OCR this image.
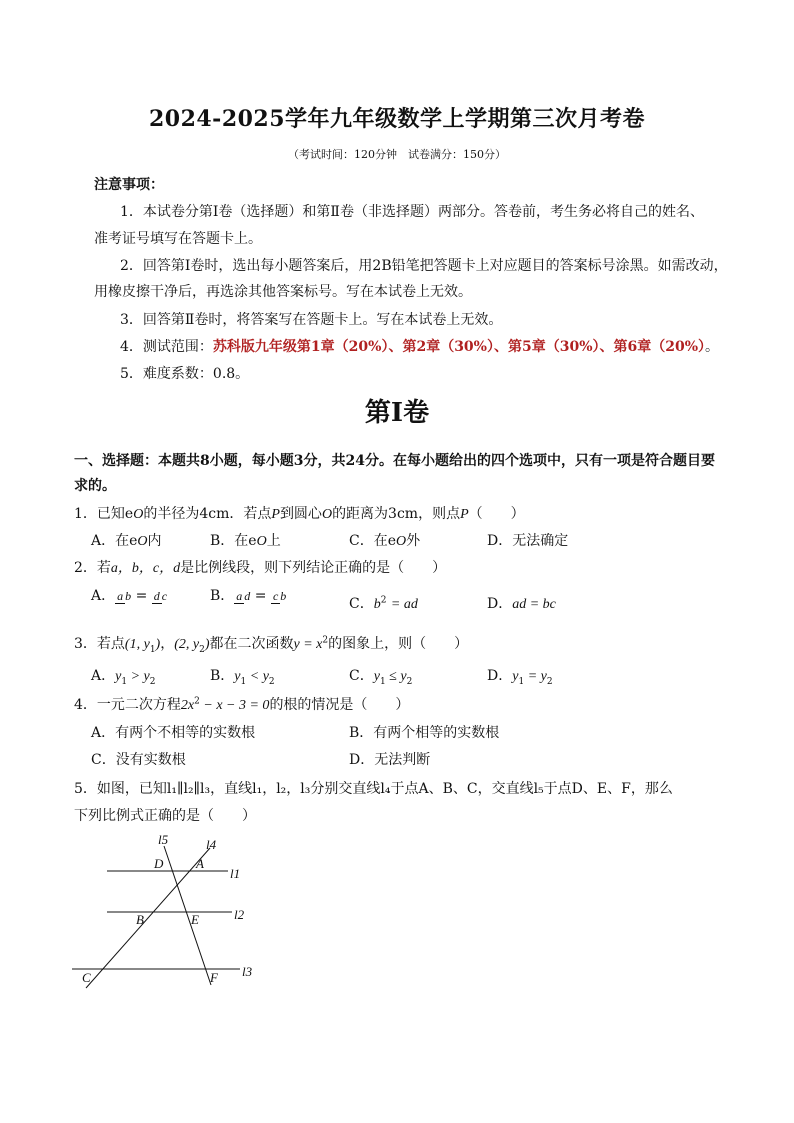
2024-2025学年九年级数学上学期第三次月考卷
（考试时间：120分钟　试卷满分：150分）
注意事项：
1．本试卷分第Ⅰ卷（选择题）和第Ⅱ卷（非选择题）两部分。答卷前，考生务必将自己的姓名、
准考证号填写在答题卡上。
2．回答第Ⅰ卷时，选出每小题答案后，用2B铅笔把答题卡上对应题目的答案标号涂黑。如需改动，
用橡皮擦干净后，再选涂其他答案标号。写在本试卷上无效。
3．回答第Ⅱ卷时，将答案写在答题卡上。写在本试卷上无效。
4．测试范围：苏科版九年级第1章（20%）、第2章（30%）、第5章（30%）、第6章（20%）。
5．难度系数：0.8。
第Ⅰ卷
一、选择题：本题共8小题，每小题3分，共24分。在每小题给出的四个选项中，只有一项是符合题目要
求的。
1．已知eO的半径为4cm．若点P到圆心O的距离为3cm，则点P（　　）
A．在eO内	B．在eO上	C．在eO外	D．无法确定
2．若a，b，c，d是比例线段，则下列结论正确的是（　　）
A． a b = d c	B． a d = c b
C．$b^2$ = ad	D．ad = bc
3．若点(1, $y_1$)，(2, $y_2$)都在二次函数$y = x^2$的图象上，则（　　）
A．$y_1 > y_2$	B．$y_1 < y_2$	C．$y_1 \le y_2$	D．$y_1 = y_2$
4．一元二次方程$2x^2 - x - 3 = 0$的根的情况是（　　）
A．有两个不相等的实数根	B．有两个相等的实数根
C．没有实数根	D．无法判断
5．如图，已知l₁∥l₂∥l₃，直线l₁，l₂，l₃分别交直线l₄于点A、B、C，交直线l₅于点D、E、F，那么
下列比例式正确的是（　　）
l5	l4
l1
l2
l3
D	A
B	E
C	F
